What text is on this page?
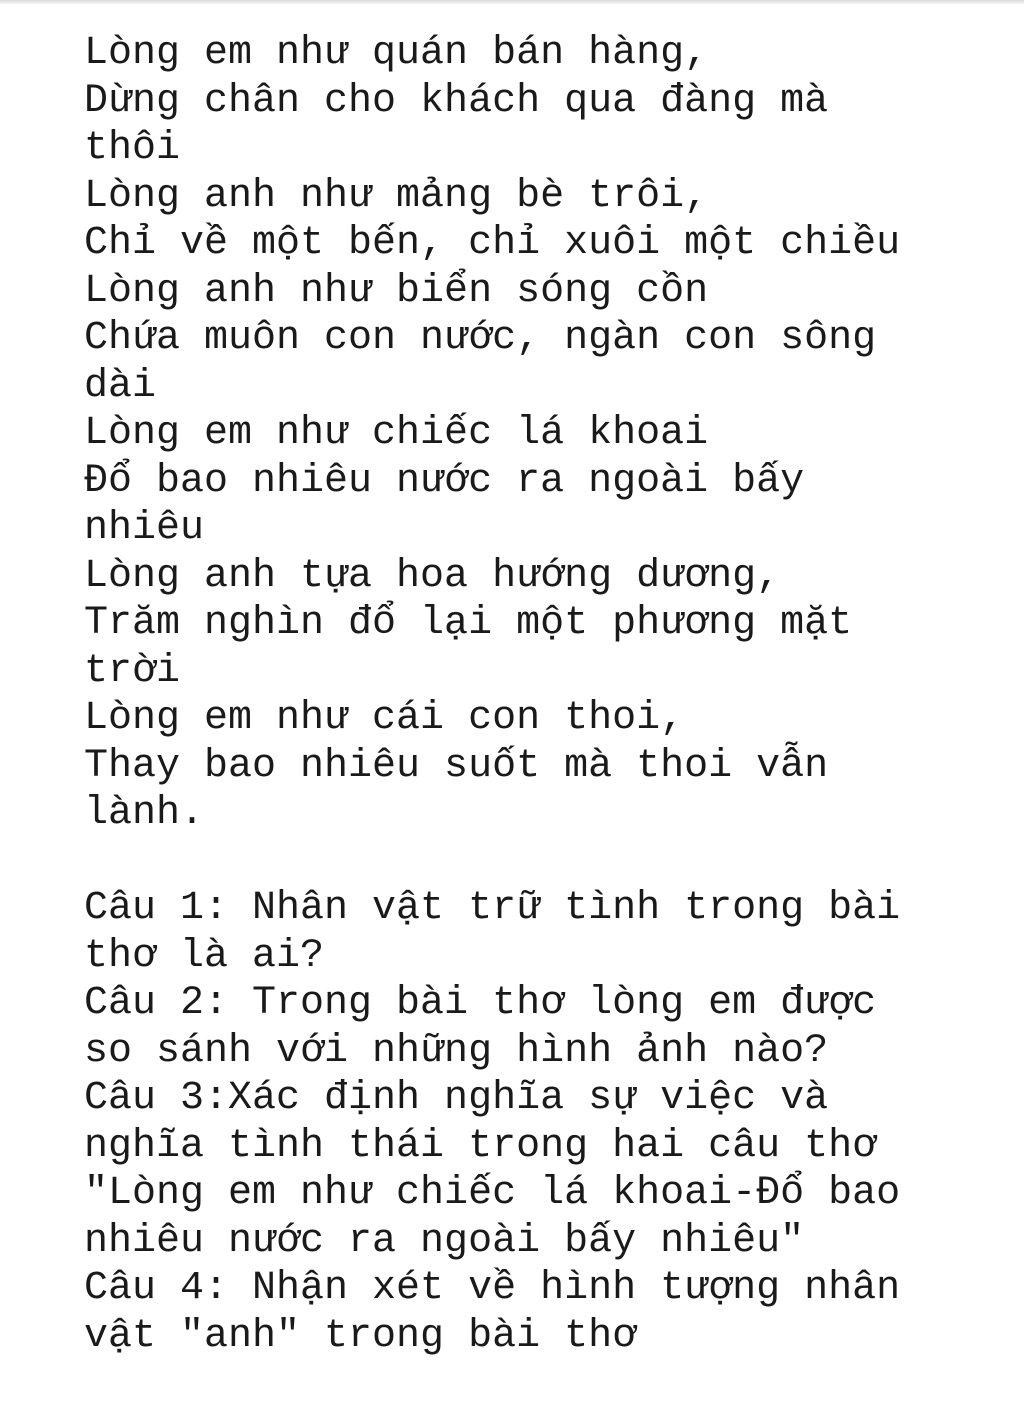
Lòng em như quán bán hàng,
Dừng chân cho khách qua đàng mà
thôi
Lòng anh như mảng bè trôi,
Chỉ về một bến, chỉ xuôi một chiều
Lòng anh như biển sóng cồn
Chứa muôn con nước, ngàn con sông
dài
Lòng em như chiếc lá khoai
Đổ bao nhiêu nước ra ngoài bấy
nhiêu
Lòng anh tựa hoa hướng dương,
Trăm nghìn đổ lại một phương mặt
trời
Lòng em như cái con thoi,
Thay bao nhiêu suốt mà thoi vẫn
lành.
Câu 1: Nhân vật trữ tình trong bài
thơ là ai?
Câu 2: Trong bài thơ lòng em được
so sánh với những hình ảnh nào?
Câu 3:Xác định nghĩa sự việc và
nghĩa tình thái trong hai câu thơ
"Lòng em như chiếc lá khoai-Đổ bao
nhiêu nước ra ngoài bấy nhiêu"
Câu 4: Nhận xét về hình tượng nhân
vật "anh" trong bài thơ
